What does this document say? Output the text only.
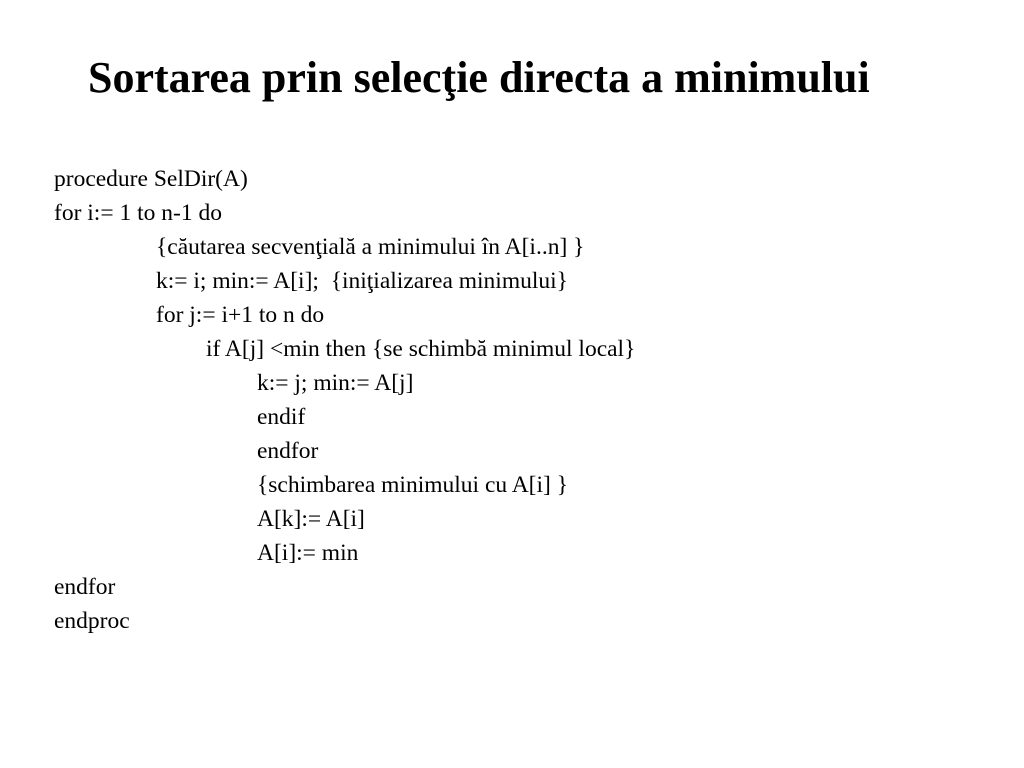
Sortarea prin selecţie directa a minimului
procedure SelDir(A)
for i:= 1 to n-1 do
{căutarea secvenţială a minimului în A[i..n] }
k:= i; min:= A[i];  {iniţializarea minimului}
for j:= i+1 to n do
if A[j] <min then {se schimbă minimul local}
k:= j; min:= A[j]
endif
endfor
{schimbarea minimului cu A[i] }
A[k]:= A[i]
A[i]:= min
endfor
endproc
